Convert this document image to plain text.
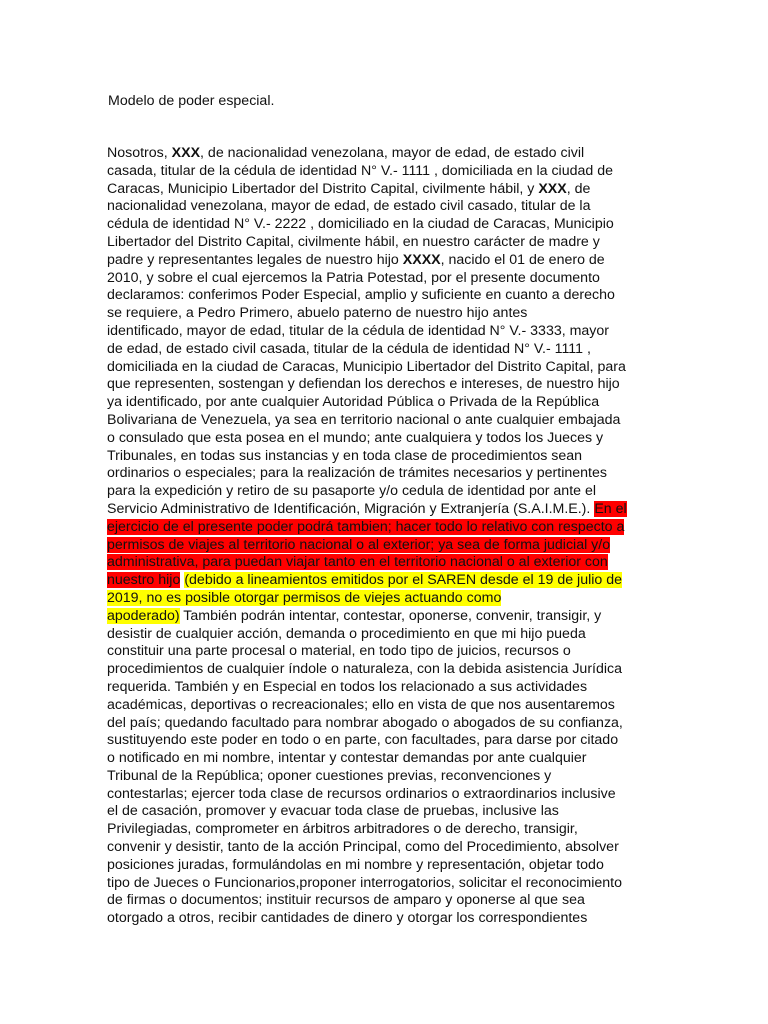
Modelo de poder especial.
Nosotros, XXX, de nacionalidad venezolana, mayor de edad, de estado civil
casada, titular de la cédula de identidad N° V.- 1111 , domiciliada en la ciudad de
Caracas, Municipio Libertador del Distrito Capital, civilmente hábil, y XXX, de
nacionalidad venezolana, mayor de edad, de estado civil casado, titular de la
cédula de identidad N° V.- 2222 , domiciliado en la ciudad de Caracas, Municipio
Libertador del Distrito Capital, civilmente hábil, en nuestro carácter de madre y
padre y representantes legales de nuestro hijo XXXX, nacido el 01 de enero de
2010, y sobre el cual ejercemos la Patria Potestad, por el presente documento
declaramos: conferimos Poder Especial, amplio y suficiente en cuanto a derecho
se requiere, a Pedro Primero, abuelo paterno de nuestro hijo antes
identificado, mayor de edad, titular de la cédula de identidad N° V.- 3333, mayor
de edad, de estado civil casada, titular de la cédula de identidad N° V.- 1111 ,
domiciliada en la ciudad de Caracas, Municipio Libertador del Distrito Capital, para
que representen, sostengan y defiendan los derechos e intereses, de nuestro hijo
ya identificado, por ante cualquier Autoridad Pública o Privada de la República
Bolivariana de Venezuela, ya sea en territorio nacional o ante cualquier embajada
o consulado que esta posea en el mundo; ante cualquiera y todos los Jueces y
Tribunales, en todas sus instancias y en toda clase de procedimientos sean
ordinarios o especiales; para la realización de trámites necesarios y pertinentes
para la expedición y retiro de su pasaporte y/o cedula de identidad por ante el
Servicio Administrativo de Identificación, Migración y Extranjería (S.A.I.M.E.). En el
ejercicio de el presente poder podrá tambien; hacer todo lo relativo con respecto a
permisos de viajes al territorio nacional o al exterior; ya sea de forma judicial y/o
administrativa, para puedan viajar tanto en el territorio nacional o al exterior con
nuestro hijo (debido a lineamientos emitidos por el SAREN desde el 19 de julio de
2019, no es posible otorgar permisos de viejes actuando como
apoderado) También podrán intentar, contestar, oponerse, convenir, transigir, y
desistir de cualquier acción, demanda o procedimiento en que mi hijo pueda
constituir una parte procesal o material, en todo tipo de juicios, recursos o
procedimientos de cualquier índole o naturaleza, con la debida asistencia Jurídica
requerida. También y en Especial en todos los relacionado a sus actividades
académicas, deportivas o recreacionales; ello en vista de que nos ausentaremos
del país; quedando facultado para nombrar abogado o abogados de su confianza,
sustituyendo este poder en todo o en parte, con facultades, para darse por citado
o notificado en mi nombre, intentar y contestar demandas por ante cualquier
Tribunal de la República; oponer cuestiones previas, reconvenciones y
contestarlas; ejercer toda clase de recursos ordinarios o extraordinarios inclusive
el de casación, promover y evacuar toda clase de pruebas, inclusive las
Privilegiadas, comprometer en árbitros arbitradores o de derecho, transigir,
convenir y desistir, tanto de la acción Principal, como del Procedimiento, absolver
posiciones juradas, formulándolas en mi nombre y representación, objetar todo
tipo de Jueces o Funcionarios,proponer interrogatorios, solicitar el reconocimiento
de firmas o documentos; instituir recursos de amparo y oponerse al que sea
otorgado a otros, recibir cantidades de dinero y otorgar los correspondientes
